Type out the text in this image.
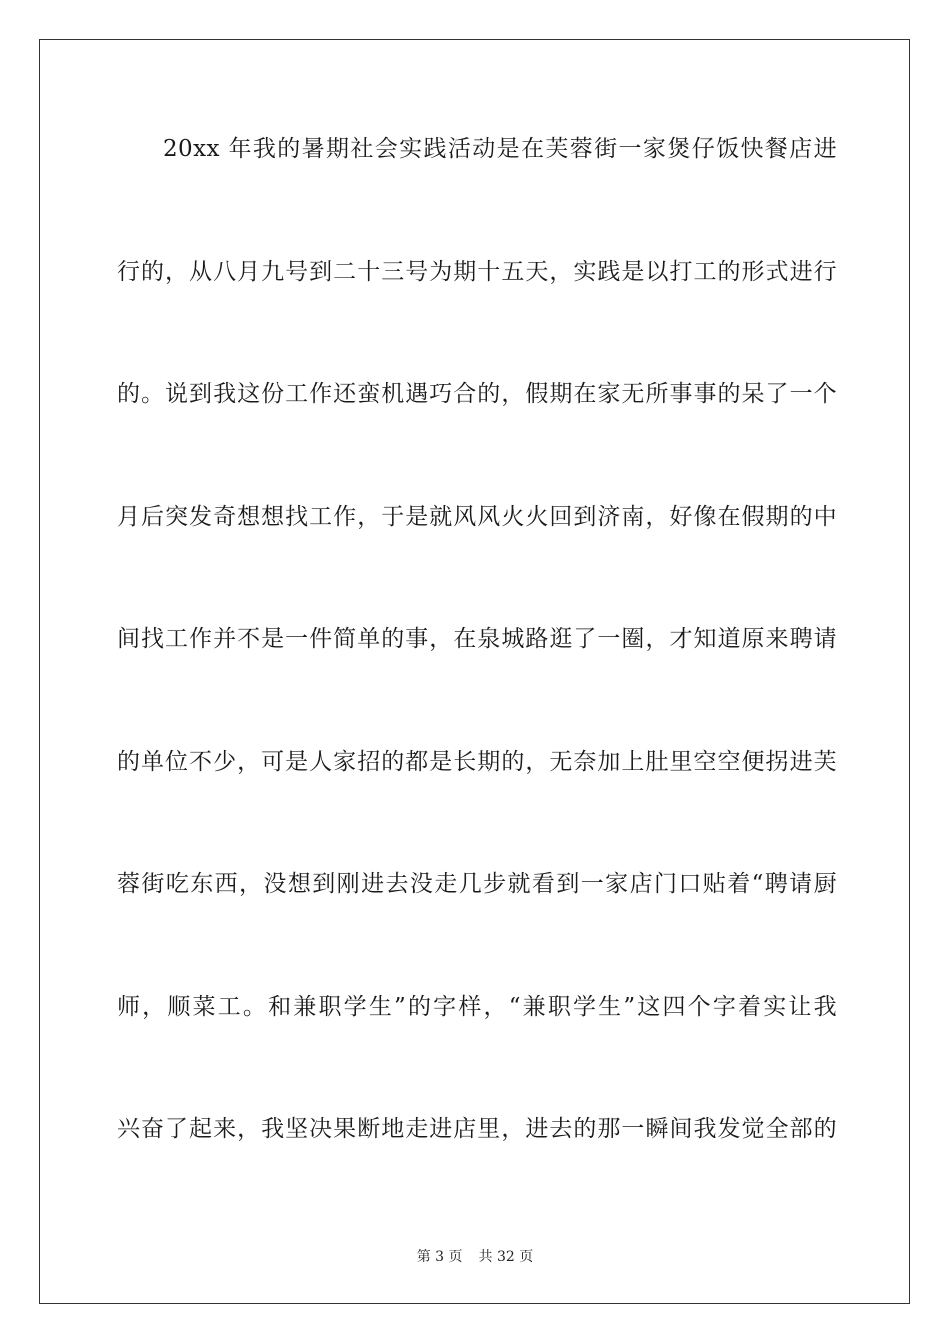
20xx 年我的暑期社会实践活动是在芙蓉街一家煲仔饭快餐店进
行的，从八月九号到二十三号为期十五天，实践是以打工的形式进行
的。说到我这份工作还蛮机遇巧合的，假期在家无所事事的呆了一个
月后突发奇想想找工作，于是就风风火火回到济南，好像在假期的中
间找工作并不是一件简单的事，在泉城路逛了一圈，才知道原来聘请
的单位不少，可是人家招的都是长期的，无奈加上肚里空空便拐进芙
蓉街吃东西，没想到刚进去没走几步就看到一家店门口贴着“聘请厨
师，顺菜工。和兼职学生”的字样，“兼职学生”这四个字着实让我
兴奋了起来，我坚决果断地走进店里，进去的那一瞬间我发觉全部的
第 3 页 共 32 页
